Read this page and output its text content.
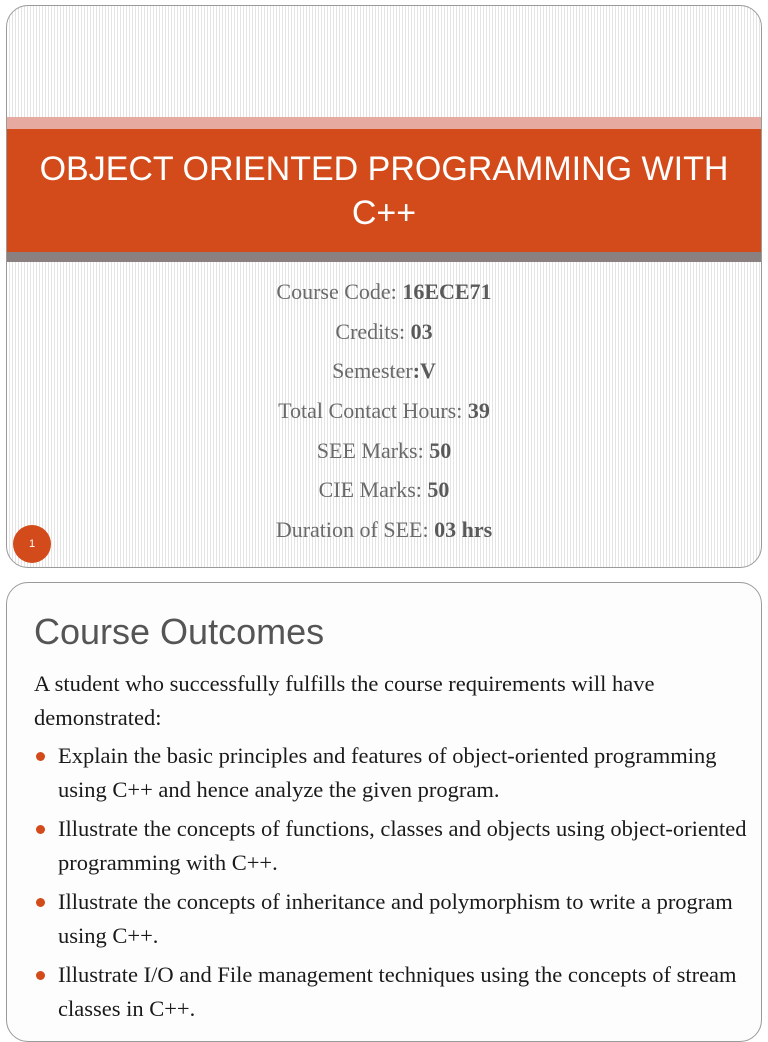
OBJECT ORIENTED PROGRAMMING WITH C++
Course Code: 16ECE71
Credits: 03
Semester:V
Total Contact Hours: 39
SEE Marks: 50
CIE Marks: 50
Duration of SEE: 03 hrs
1
Course Outcomes
A student who successfully fulfills the course requirements will have demonstrated:
Explain the basic principles and features of object-oriented programming using C++ and hence analyze the given program.
Illustrate the concepts of functions, classes and objects using object-oriented programming with C++.
Illustrate the concepts of inheritance and polymorphism to write a program using C++.
Illustrate I/O and File management techniques using the concepts of stream classes in C++.
